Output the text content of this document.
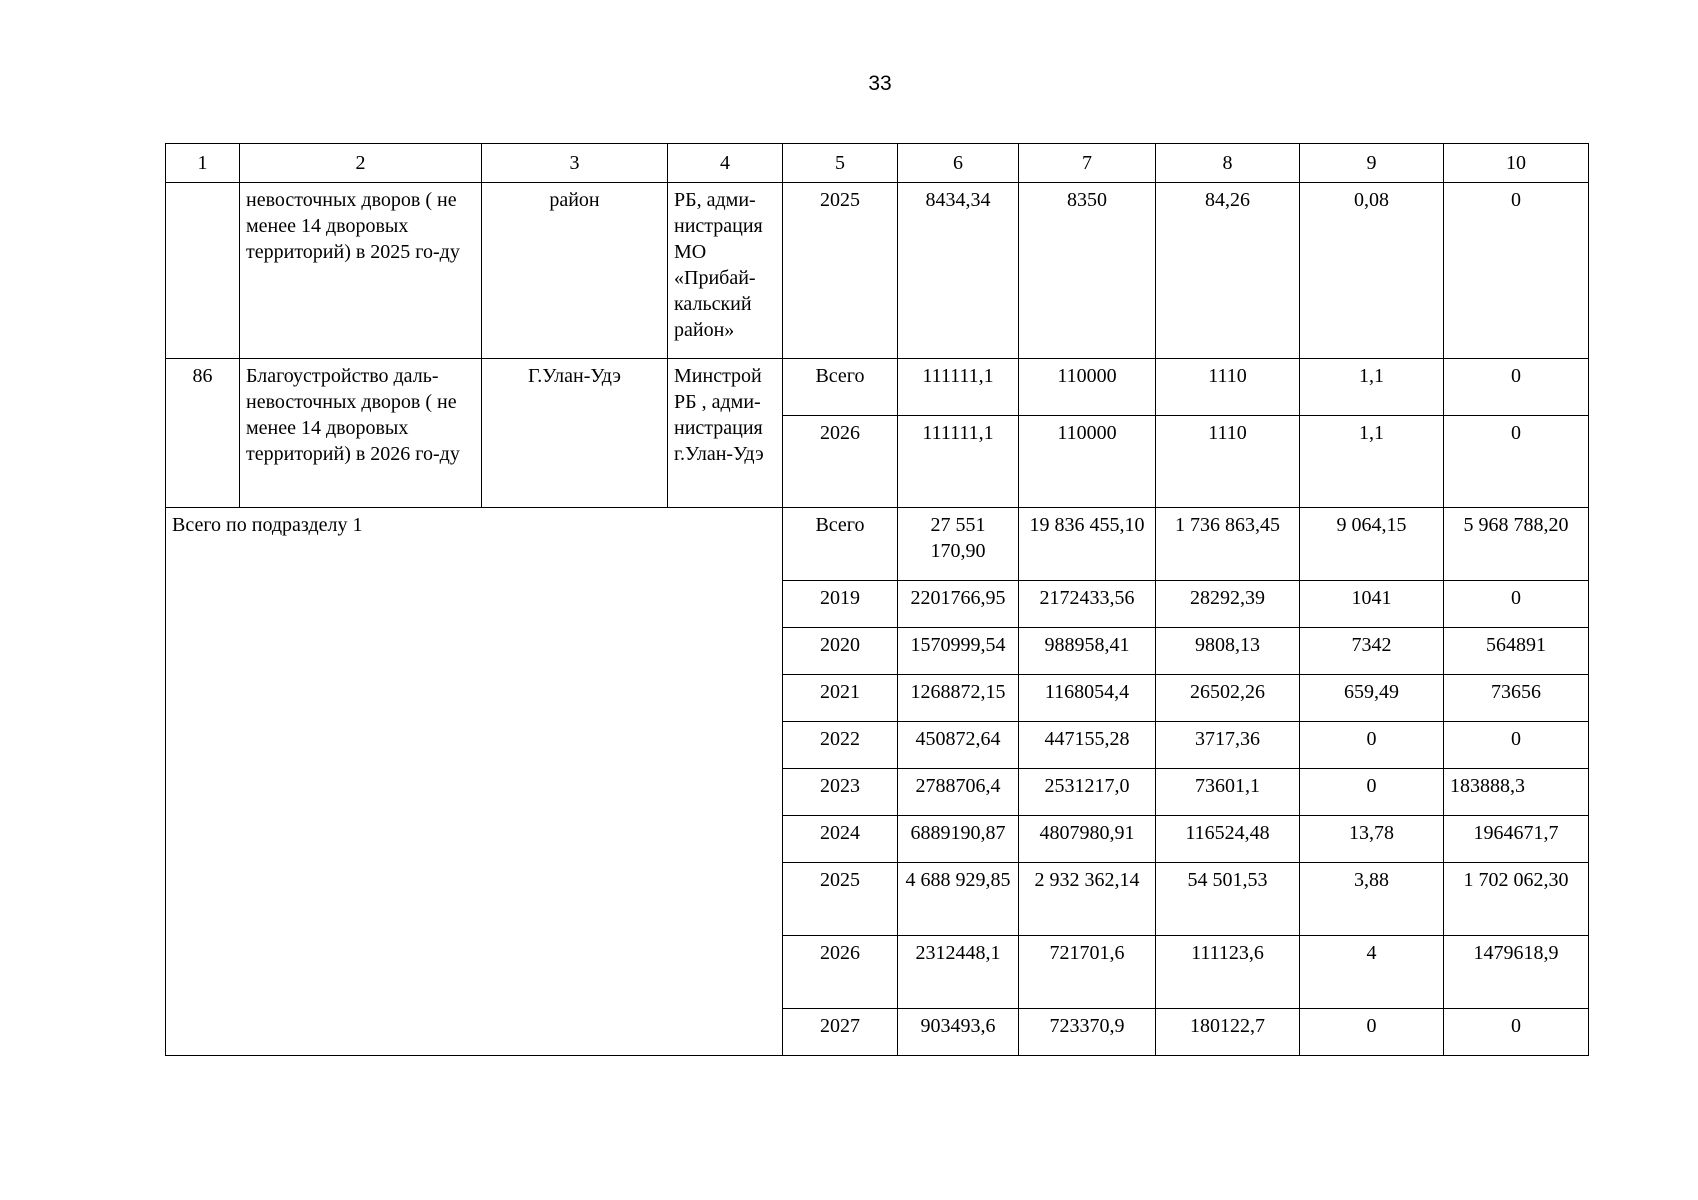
33
1	2	3	4	5	6	7	8	9	10
	невосточных дворов ( не менее 14 дворовых территорий) в 2025 го-ду	район	РБ, адми-нистрация МО «Прибай-кальский район»	2025	8434,34	8350	84,26	0,08	0
86	Благоустройство даль-невосточных дворов ( не менее 14 дворовых территорий) в 2026 го-ду	Г.Улан-Удэ	Минстрой РБ , адми-нистрация г.Улан-Удэ	Всего	111111,1	110000	1110	1,1	0
				2026	111111,1	110000	1110	1,1	0
Всего по подразделу 1				Всего	27 551 170,90	19 836 455,10	1 736 863,45	9 064,15	5 968 788,20
				2019	2201766,95	2172433,56	28292,39	1041	0
				2020	1570999,54	988958,41	9808,13	7342	564891
				2021	1268872,15	1168054,4	26502,26	659,49	73656
				2022	450872,64	447155,28	3717,36	0	0
				2023	2788706,4	2531217,0	73601,1	0	183888,3
				2024	6889190,87	4807980,91	116524,48	13,78	1964671,7
				2025	4 688 929,85	2 932 362,14	54 501,53	3,88	1 702 062,30
				2026	2312448,1	721701,6	111123,6	4	1479618,9
				2027	903493,6	723370,9	180122,7	0	0
